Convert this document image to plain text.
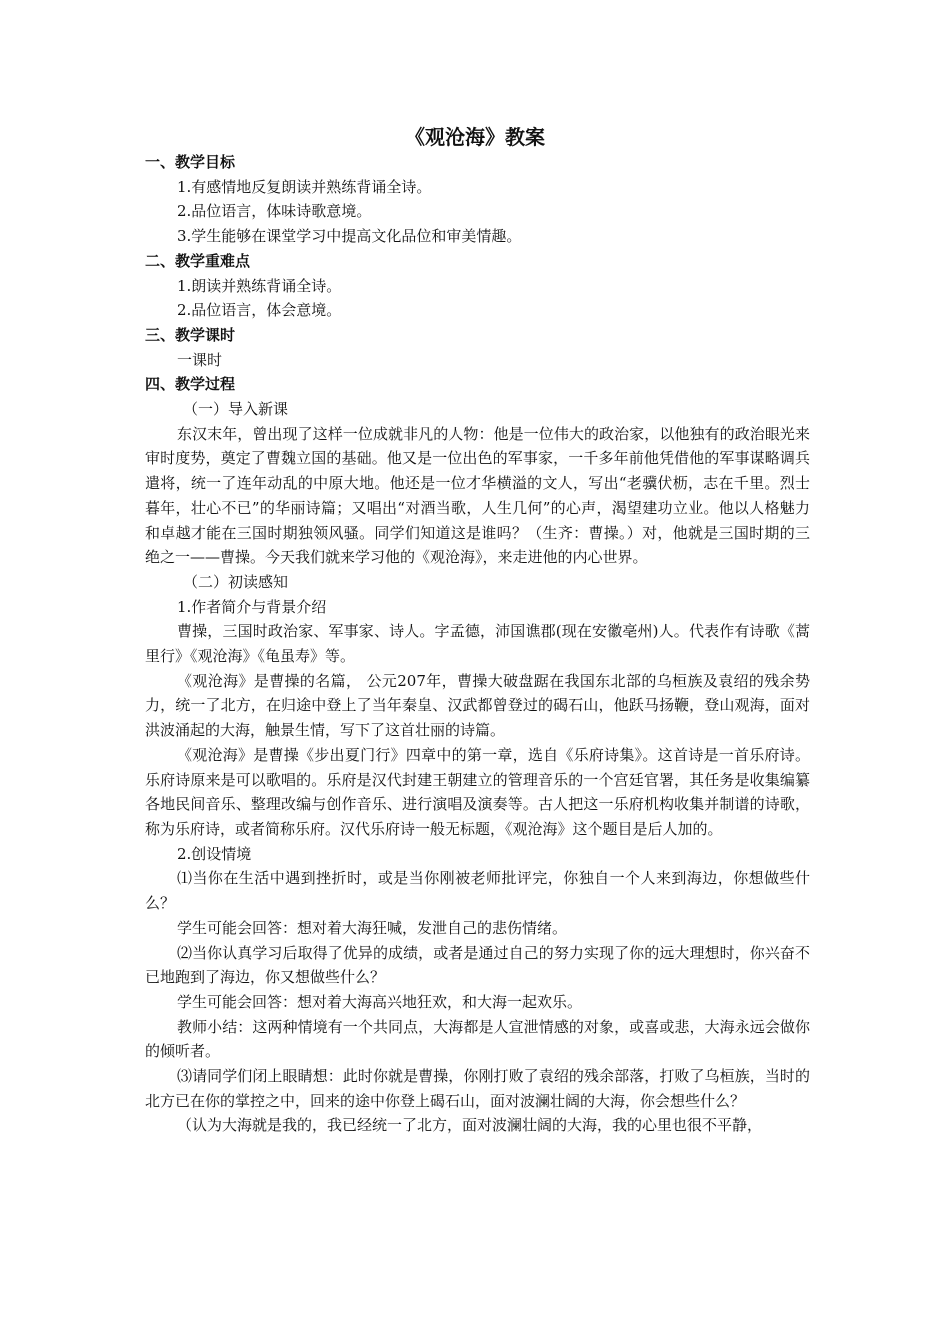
《观沧海》教案

一、教学目标

1.有感情地反复朗读并熟练背诵全诗。

2.品位语言，体味诗歌意境。

3.学生能够在课堂学习中提高文化品位和审美情趣。

二、教学重难点

1.朗读并熟练背诵全诗。

2.品位语言，体会意境。

三、教学课时

一课时

四、教学过程

（一）导入新课

东汉末年，曾出现了这样一位成就非凡的人物：他是一位伟大的政治家，以他独有的政治眼光来审时度势，奠定了曹魏立国的基础。他又是一位出色的军事家，一千多年前他凭借他的军事谋略调兵遣将，统一了连年动乱的中原大地。他还是一位才华横溢的文人，写出“老骥伏枥，志在千里。烈士暮年，壮心不已”的华丽诗篇；又唱出“对酒当歌，人生几何”的心声，渴望建功立业。他以人格魅力和卓越才能在三国时期独领风骚。同学们知道这是谁吗？（生齐：曹操。）对，他就是三国时期的三绝之一——曹操。今天我们就来学习他的《观沧海》，来走进他的内心世界。

（二）初读感知

1.作者简介与背景介绍

曹操，三国时政治家、军事家、诗人。字孟德，沛国谯郡(现在安徽亳州)人。代表作有诗歌《蒿里行》《观沧海》《龟虽寿》等。

《观沧海》是曹操的名篇， 公元207年，曹操大破盘踞在我国东北部的乌桓族及袁绍的残余势力，统一了北方，在归途中登上了当年秦皇、汉武都曾登过的碣石山，他跃马扬鞭，登山观海，面对洪波涌起的大海，触景生情，写下了这首壮丽的诗篇。

《观沧海》是曹操《步出夏门行》四章中的第一章，选自《乐府诗集》。这首诗是一首乐府诗。乐府诗原来是可以歌唱的。乐府是汉代封建王朝建立的管理音乐的一个宫廷官署，其任务是收集编纂各地民间音乐、整理改编与创作音乐、进行演唱及演奏等。古人把这一乐府机构收集并制谱的诗歌，称为乐府诗，或者简称乐府。汉代乐府诗一般无标题，《观沧海》这个题目是后人加的。

2.创设情境

⑴当你在生活中遇到挫折时，或是当你刚被老师批评完，你独自一个人来到海边，你想做些什么？

学生可能会回答：想对着大海狂喊，发泄自己的悲伤情绪。

⑵当你认真学习后取得了优异的成绩，或者是通过自己的努力实现了你的远大理想时，你兴奋不已地跑到了海边，你又想做些什么？

学生可能会回答：想对着大海高兴地狂欢，和大海一起欢乐。

教师小结：这两种情境有一个共同点，大海都是人宣泄情感的对象，或喜或悲，大海永远会做你的倾听者。

⑶请同学们闭上眼睛想：此时你就是曹操，你刚打败了袁绍的残余部落，打败了乌桓族，当时的北方已在你的掌控之中，回来的途中你登上碣石山，面对波澜壮阔的大海，你会想些什么？

（认为大海就是我的，我已经统一了北方，面对波澜壮阔的大海，我的心里也很不平静，
